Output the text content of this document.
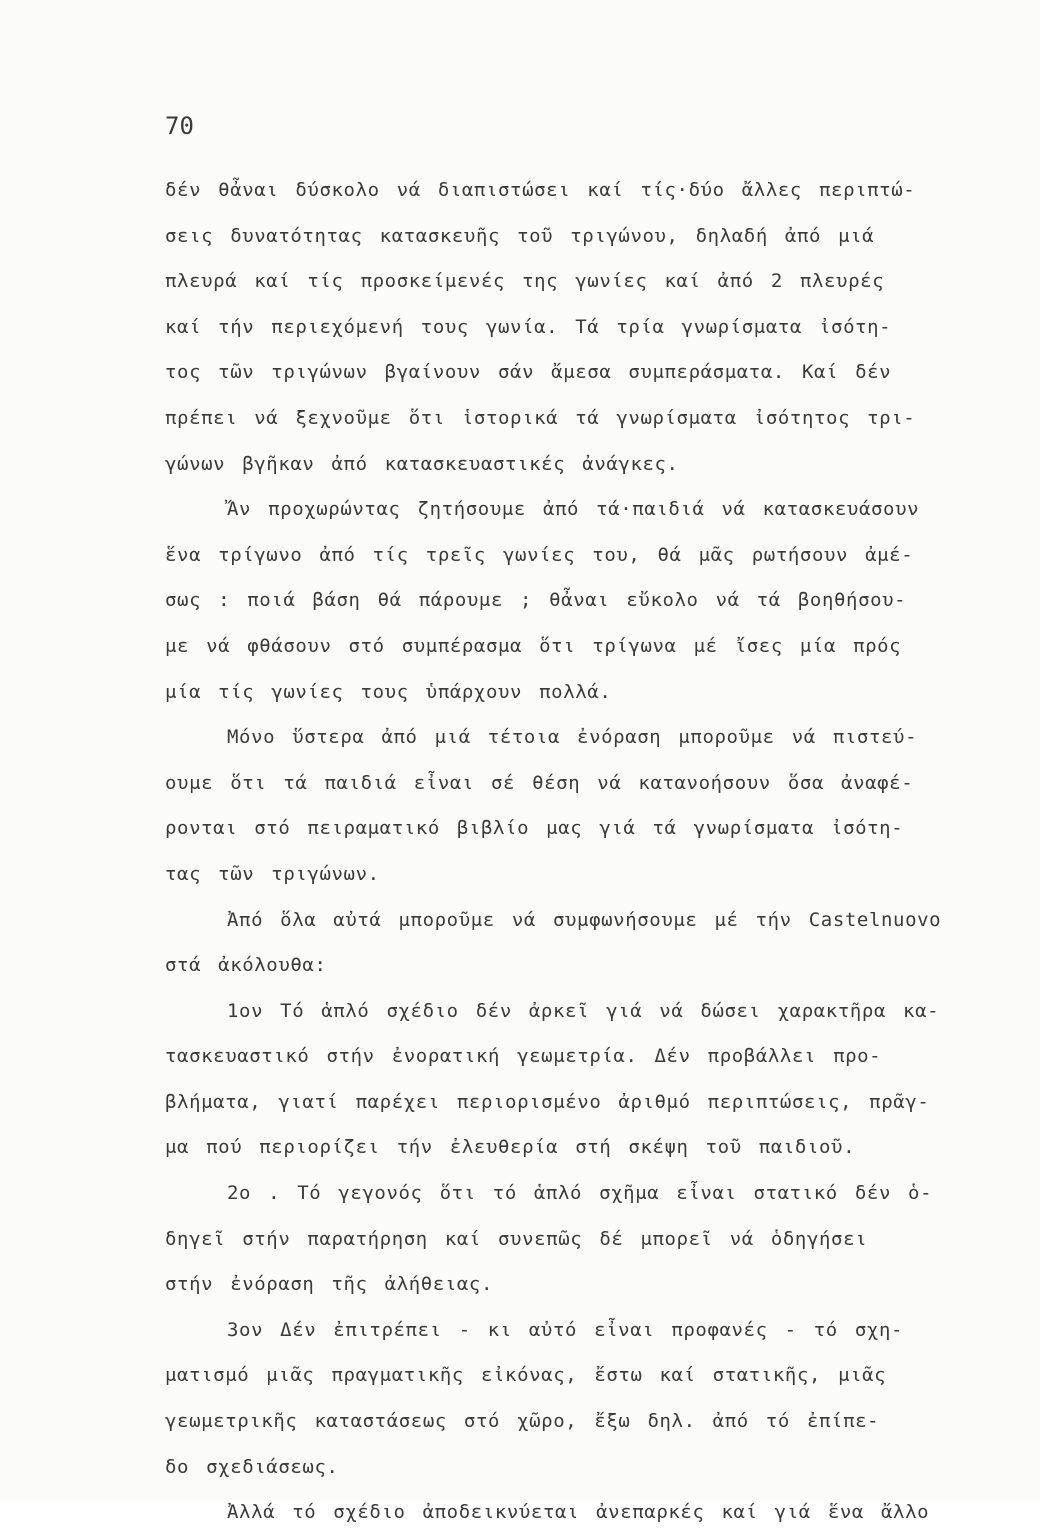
70
δέν θἆναι δύσκολο νά διαπιστώσει καί τίς·δύο ἄλλες περιπτώ-
σεις δυνατότητας κατασκευῆς τοῦ τριγώνου, δηλαδή ἀπό μιά
πλευρά καί τίς προσκείμενές της γωνίες καί ἀπό 2 πλευρές
καί τήν περιεχόμενή τους γωνία. Τά τρία γνωρίσματα ἰσότη-
τος τῶν τριγώνων βγαίνουν σάν ἄμεσα συμπεράσματα. Καί δέν
πρέπει νά ξεχνοῦμε ὅτι ἱστορικά τά γνωρίσματα ἰσότητος τρι-
γώνων βγῆκαν ἀπό κατασκευαστικές ἀνάγκες.
Ἄν προχωρώντας ζητήσουμε ἀπό τά·παιδιά νά κατασκευάσουν
ἕνα τρίγωνο ἀπό τίς τρεῖς γωνίες του, θά μᾶς ρωτήσουν ἀμέ-
σως : ποιά βάση θά πάρουμε ; θἆναι εὔκολο νά τά βοηθήσου-
με νά φθάσουν στό συμπέρασμα ὅτι τρίγωνα μέ ἴσες μία πρός
μία τίς γωνίες τους ὑπάρχουν πολλά.
Μόνο ὕστερα ἀπό μιά τέτοια ἐνόραση μποροῦμε νά πιστεύ-
ουμε ὅτι τά παιδιά εἶναι σέ θέση νά κατανοήσουν ὅσα ἀναφέ-
ρονται στό πειραματικό βιβλίο μας γιά τά γνωρίσματα ἰσότη-
τας τῶν τριγώνων.
Ἀπό ὅλα αὐτά μποροῦμε νά συμφωνήσουμε μέ τήν Castelnuovo
στά ἀκόλουθα:
1ον Τό ἁπλό σχέδιο δέν ἀρκεῖ γιά νά δώσει χαρακτῆρα κα-
τασκευαστικό στήν ἐνορατική γεωμετρία. Δέν προβάλλει προ-
βλήματα, γιατί παρέχει περιορισμένο ἀριθμό περιπτώσεις, πρᾶγ-
μα πού περιορίζει τήν ἐλευθερία στή σκέψη τοῦ παιδιοῦ.
2ο . Τό γεγονός ὅτι τό ἁπλό σχῆμα εἶναι στατικό δέν ὁ-
δηγεῖ στήν παρατήρηση καί συνεπῶς δέ μπορεῖ νά ὁδηγήσει
στήν ἐνόραση τῆς ἀλήθειας.
3ον Δέν ἐπιτρέπει - κι αὐτό εἶναι προφανές - τό σχη-
ματισμό μιᾶς πραγματικῆς εἰκόνας, ἔστω καί στατικῆς, μιᾶς
γεωμετρικῆς καταστάσεως στό χῶρο, ἔξω δηλ. ἀπό τό ἐπίπε-
δο σχεδιάσεως.
Ἀλλά τό σχέδιο ἀποδεικνύεται ἀνεπαρκές καί γιά ἕνα ἄλλο
